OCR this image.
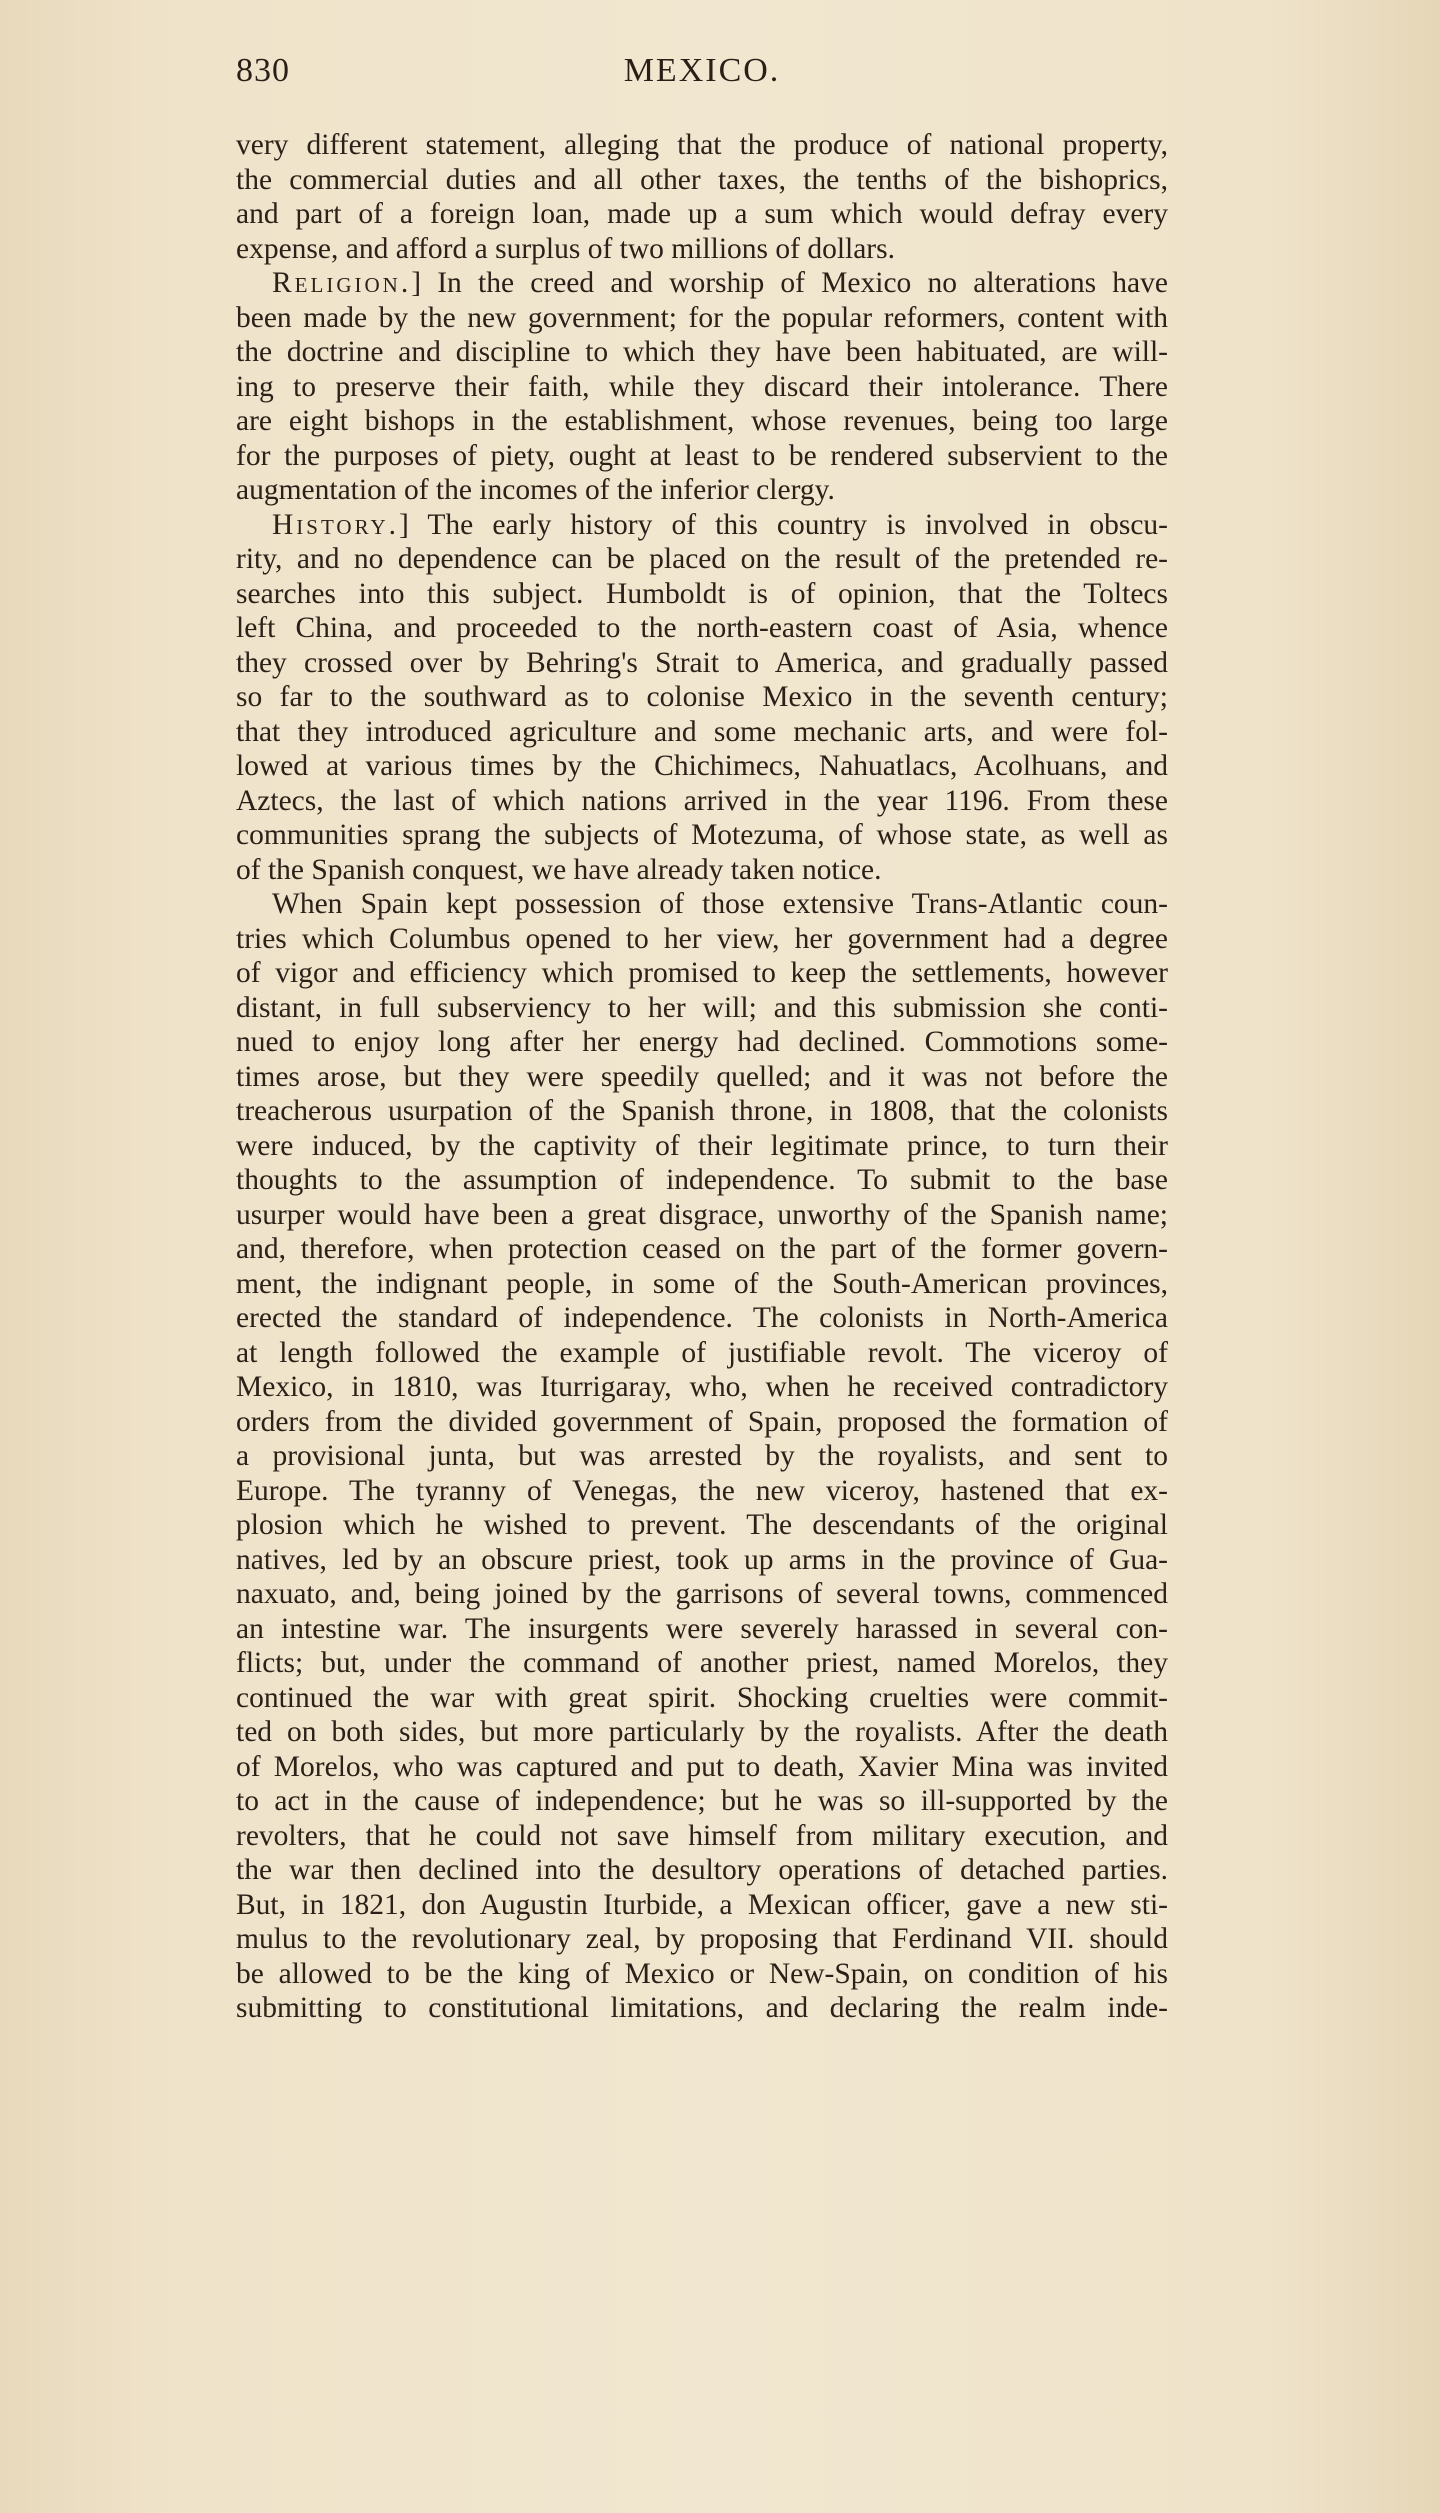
830	MEXICO.
very different statement, alleging that the produce of national property,
the commercial duties and all other taxes, the tenths of the bishoprics,
and part of a foreign loan, made up a sum which would defray every
expense, and afford a surplus of two millions of dollars.
Religion.] In the creed and worship of Mexico no alterations have
been made by the new government; for the popular reformers, content with
the doctrine and discipline to which they have been habituated, are will-
ing to preserve their faith, while they discard their intolerance. There
are eight bishops in the establishment, whose revenues, being too large
for the purposes of piety, ought at least to be rendered subservient to the
augmentation of the incomes of the inferior clergy.
History.] The early history of this country is involved in obscu-
rity, and no dependence can be placed on the result of the pretended re-
searches into this subject. Humboldt is of opinion, that the Toltecs
left China, and proceeded to the north-eastern coast of Asia, whence
they crossed over by Behring's Strait to America, and gradually passed
so far to the southward as to colonise Mexico in the seventh century;
that they introduced agriculture and some mechanic arts, and were fol-
lowed at various times by the Chichimecs, Nahuatlacs, Acolhuans, and
Aztecs, the last of which nations arrived in the year 1196. From these
communities sprang the subjects of Motezuma, of whose state, as well as
of the Spanish conquest, we have already taken notice.
When Spain kept possession of those extensive Trans-Atlantic coun-
tries which Columbus opened to her view, her government had a degree
of vigor and efficiency which promised to keep the settlements, however
distant, in full subserviency to her will; and this submission she conti-
nued to enjoy long after her energy had declined. Commotions some-
times arose, but they were speedily quelled; and it was not before the
treacherous usurpation of the Spanish throne, in 1808, that the colonists
were induced, by the captivity of their legitimate prince, to turn their
thoughts to the assumption of independence. To submit to the base
usurper would have been a great disgrace, unworthy of the Spanish name;
and, therefore, when protection ceased on the part of the former govern-
ment, the indignant people, in some of the South-American provinces,
erected the standard of independence. The colonists in North-America
at length followed the example of justifiable revolt. The viceroy of
Mexico, in 1810, was Iturrigaray, who, when he received contradictory
orders from the divided government of Spain, proposed the formation of
a provisional junta, but was arrested by the royalists, and sent to
Europe. The tyranny of Venegas, the new viceroy, hastened that ex-
plosion which he wished to prevent. The descendants of the original
natives, led by an obscure priest, took up arms in the province of Gua-
naxuato, and, being joined by the garrisons of several towns, commenced
an intestine war. The insurgents were severely harassed in several con-
flicts; but, under the command of another priest, named Morelos, they
continued the war with great spirit. Shocking cruelties were commit-
ted on both sides, but more particularly by the royalists. After the death
of Morelos, who was captured and put to death, Xavier Mina was invited
to act in the cause of independence; but he was so ill-supported by the
revolters, that he could not save himself from military execution, and
the war then declined into the desultory operations of detached parties.
But, in 1821, don Augustin Iturbide, a Mexican officer, gave a new sti-
mulus to the revolutionary zeal, by proposing that Ferdinand VII. should
be allowed to be the king of Mexico or New-Spain, on condition of his
submitting to constitutional limitations, and declaring the realm inde-
